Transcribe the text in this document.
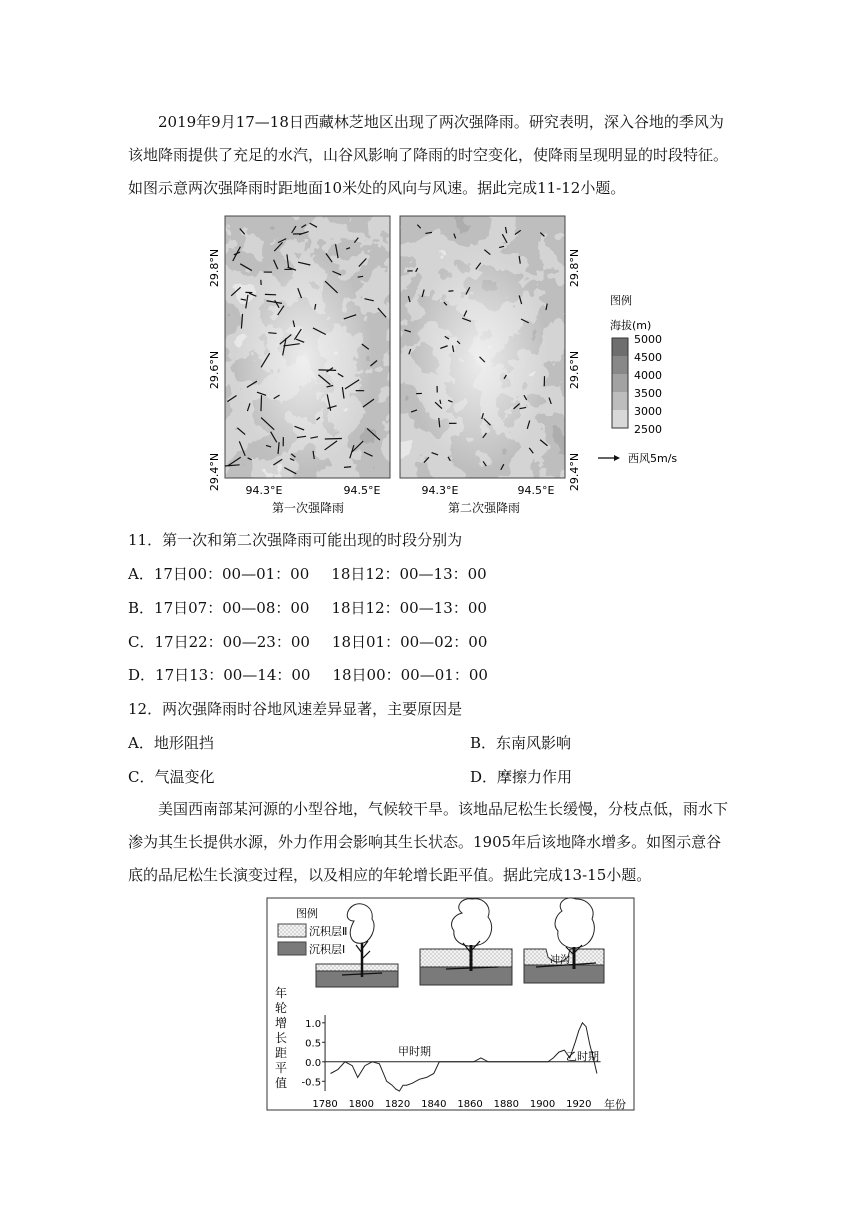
2019年9月17—18日西藏林芝地区出现了两次强降雨。研究表明，深入谷地的季风为该地降雨提供了充足的水汽，山谷风影响了降雨的时空变化，使降雨呈现明显的时段特征。如图示意两次强降雨时距地面10米处的风向与风速。据此完成11-12小题。

29.8°N
29.6°N
29.4°N
29.8°N
29.6°N
29.4°N
94.3°E	94.5°E	94.3°E	94.5°E
第一次强降雨	第二次强降雨
图例
海拔(m)
5000
4500
4000
3500
3000
2500
西风5m/s
11．第一次和第二次强降雨可能出现的时段分别为
A．17日00：00—01：00 18日12：00—13：00
B．17日07：00—08：00 18日12：00—13：00
C．17日22：00—23：00 18日01：00—02：00
D．17日13：00—14：00 18日00：00—01：00
12．两次强降雨时谷地风速差异显著，主要原因是
A．地形阻挡	B．东南风影响
C．气温变化	D．摩擦力作用

美国西南部某河源的小型谷地，气候较干旱。该地品尼松生长缓慢，分枝点低，雨水下渗为其生长提供水源，外力作用会影响其生长状态。1905年后该地降水增多。如图示意谷底的品尼松生长演变过程，以及相应的年轮增长距平值。据此完成13-15小题。

图例
沉积层Ⅱ
沉积层Ⅰ
冲沟
年轮增长距平值
1.0
0.5
0.0
-0.5
1780 1800 1820 1840 1860 1880 1900 1920
甲时期	乙时期
年份
